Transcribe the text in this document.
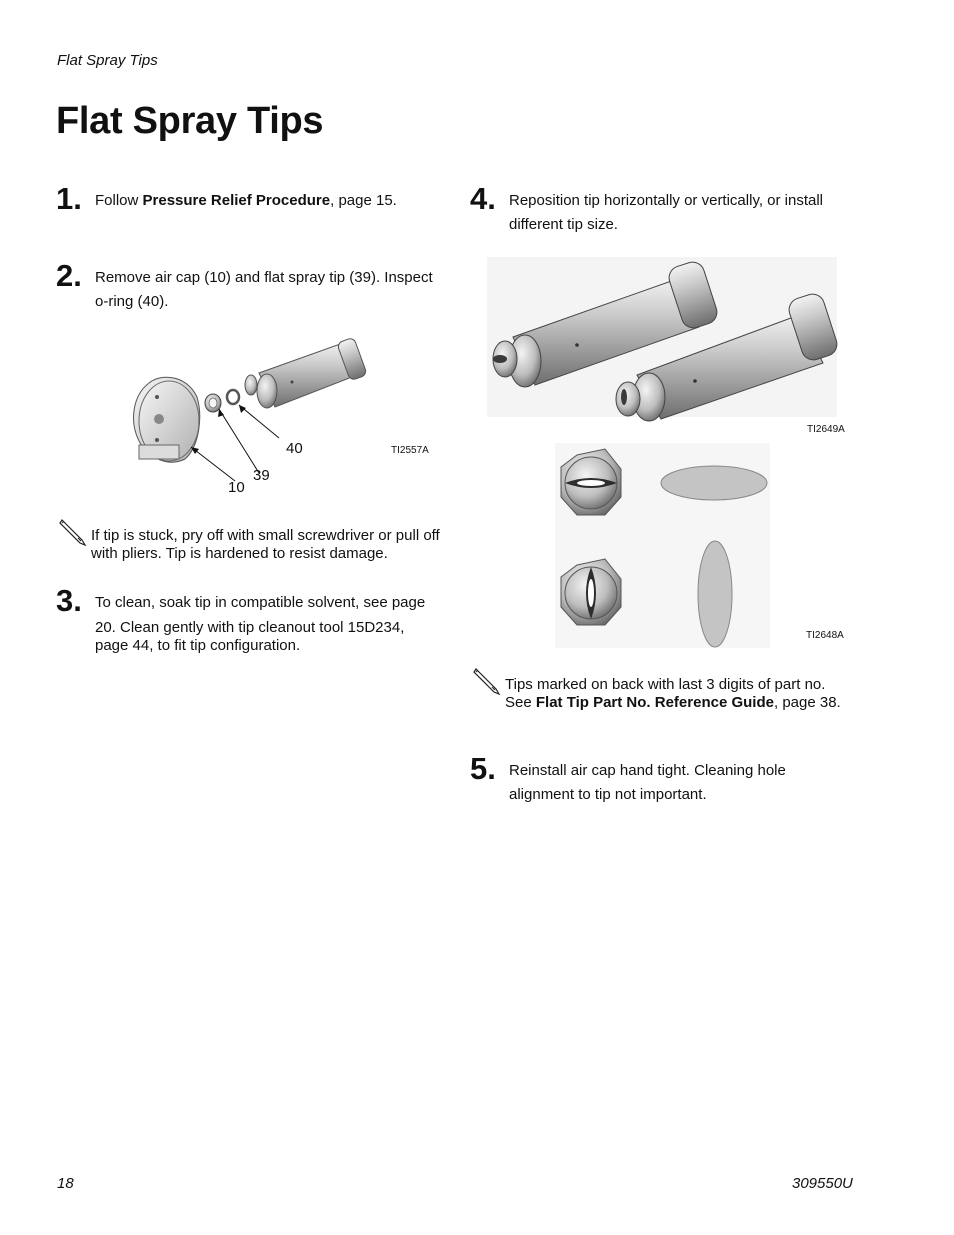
Flat Spray Tips
Flat Spray Tips
1. Follow Pressure Relief Procedure, page 15.
2. Remove air cap (10) and flat spray tip (39). Inspect o-ring (40).
40
39
10
TI2557A
If tip is stuck, pry off with small screwdriver or pull off with pliers. Tip is hardened to resist damage.
3. To clean, soak tip in compatible solvent, see page
20. Clean gently with tip cleanout tool 15D234, page 44, to fit tip configuration.
4. Reposition tip horizontally or vertically, or install different tip size.
TI2649A
TI2648A
Tips marked on back with last 3 digits of part no. See Flat Tip Part No. Reference Guide, page 38.
5. Reinstall air cap hand tight. Cleaning hole alignment to tip not important.
18	309550U
